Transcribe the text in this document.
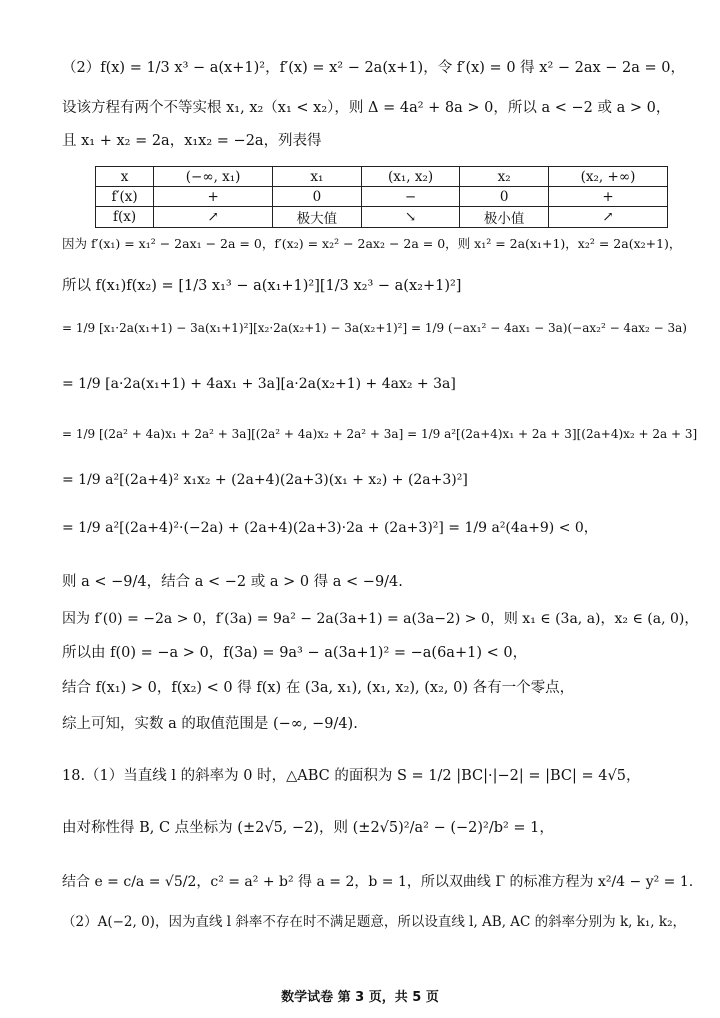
（2）f(x) = 1/3 x³ − a(x+1)²，f′(x) = x² − 2a(x+1)，令 f′(x) = 0 得 x² − 2ax − 2a = 0，
设该方程有两个不等实根 x₁, x₂（x₁ < x₂），则 Δ = 4a² + 8a > 0，所以 a < −2 或 a > 0，
且 x₁ + x₂ = 2a，x₁x₂ = −2a，列表得
x	(−∞, x₁)	x₁	(x₁, x₂)	x₂	(x₂, +∞)
f′(x)	+	0	−	0	+
f(x)	↗	极大值	↘	极小值	↗
因为 f′(x₁) = x₁² − 2ax₁ − 2a = 0，f′(x₂) = x₂² − 2ax₂ − 2a = 0，则 x₁² = 2a(x₁+1)，x₂² = 2a(x₂+1)，
所以 f(x₁)f(x₂) = [1/3 x₁³ − a(x₁+1)²][1/3 x₂³ − a(x₂+1)²]
= 1/9 [x₁·2a(x₁+1) − 3a(x₁+1)²][x₂·2a(x₂+1) − 3a(x₂+1)²] = 1/9 (−ax₁² − 4ax₁ − 3a)(−ax₂² − 4ax₂ − 3a)
= 1/9 [a·2a(x₁+1) + 4ax₁ + 3a][a·2a(x₂+1) + 4ax₂ + 3a]
= 1/9 [(2a² + 4a)x₁ + 2a² + 3a][(2a² + 4a)x₂ + 2a² + 3a] = 1/9 a²[(2a+4)x₁ + 2a + 3][(2a+4)x₂ + 2a + 3]
= 1/9 a²[(2a+4)² x₁x₂ + (2a+4)(2a+3)(x₁ + x₂) + (2a+3)²]
= 1/9 a²[(2a+4)²·(−2a) + (2a+4)(2a+3)·2a + (2a+3)²] = 1/9 a²(4a+9) < 0，
则 a < −9/4，结合 a < −2 或 a > 0 得 a < −9/4.
因为 f′(0) = −2a > 0，f′(3a) = 9a² − 2a(3a+1) = a(3a−2) > 0，则 x₁ ∈ (3a, a)，x₂ ∈ (a, 0)，
所以由 f(0) = −a > 0，f(3a) = 9a³ − a(3a+1)² = −a(6a+1) < 0，
结合 f(x₁) > 0，f(x₂) < 0 得 f(x) 在 (3a, x₁), (x₁, x₂), (x₂, 0) 各有一个零点，
综上可知，实数 a 的取值范围是 (−∞, −9/4).
18.（1）当直线 l 的斜率为 0 时，△ABC 的面积为 S = 1/2 |BC|·|−2| = |BC| = 4√5，
由对称性得 B, C 点坐标为 (±2√5, −2)，则 (±2√5)²/a² − (−2)²/b² = 1，
结合 e = c/a = √5/2，c² = a² + b² 得 a = 2，b = 1，所以双曲线 Γ 的标准方程为 x²/4 − y² = 1.
（2）A(−2, 0)，因为直线 l 斜率不存在时不满足题意，所以设直线 l, AB, AC 的斜率分别为 k, k₁, k₂，
数学试卷 第 3 页，共 5 页
